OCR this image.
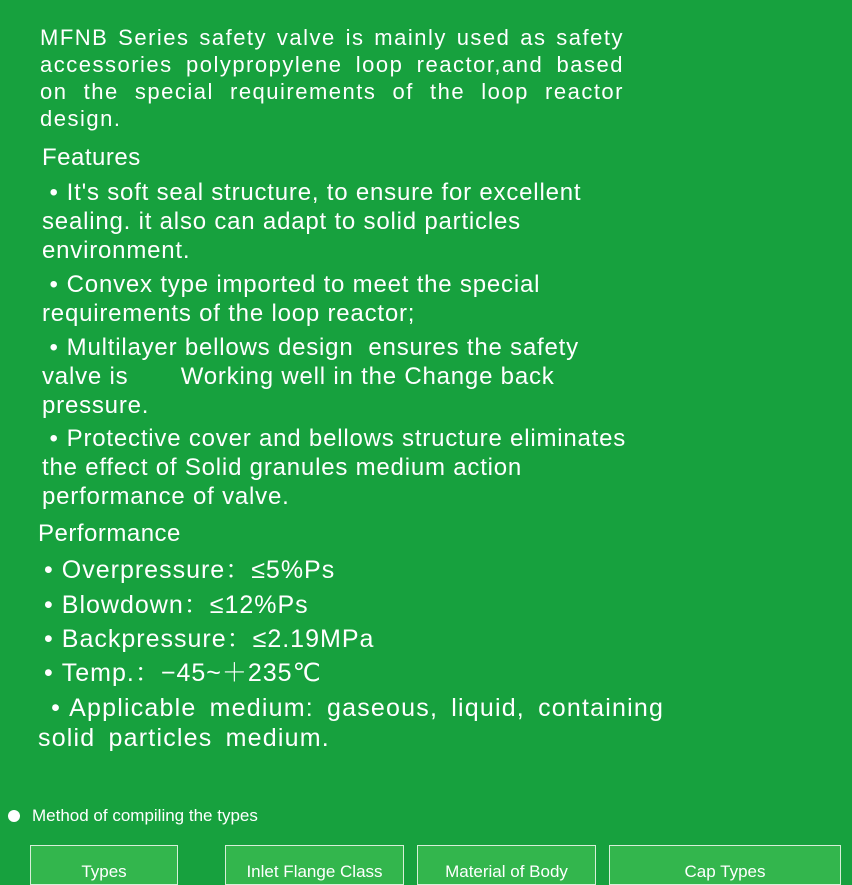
MFNB Series safety valve is mainly used as safety accessories polypropylene loop reactor,and based on the special requirements of the loop reactor design.

Features

• It's soft seal structure, to ensure for excellent sealing. it also can adapt to solid particles environment.

• Convex type imported to meet the special requirements of the loop reactor;

• Multilayer bellows design  ensures the safety valve is       Working well in the Change back pressure.

• Protective cover and bellows structure eliminates the effect of Solid granules medium action performance of valve.

Performance

• Overpressure：≤5%Ps

• Blowdown：≤12%Ps

• Backpressure：≤2.19MPa

• Temp.：−45~＋235℃

• Applicable medium: gaseous, liquid, containing solid particles medium.

Method of compiling the types
Types	Inlet Flange Class	Material of Body	Cap Types
